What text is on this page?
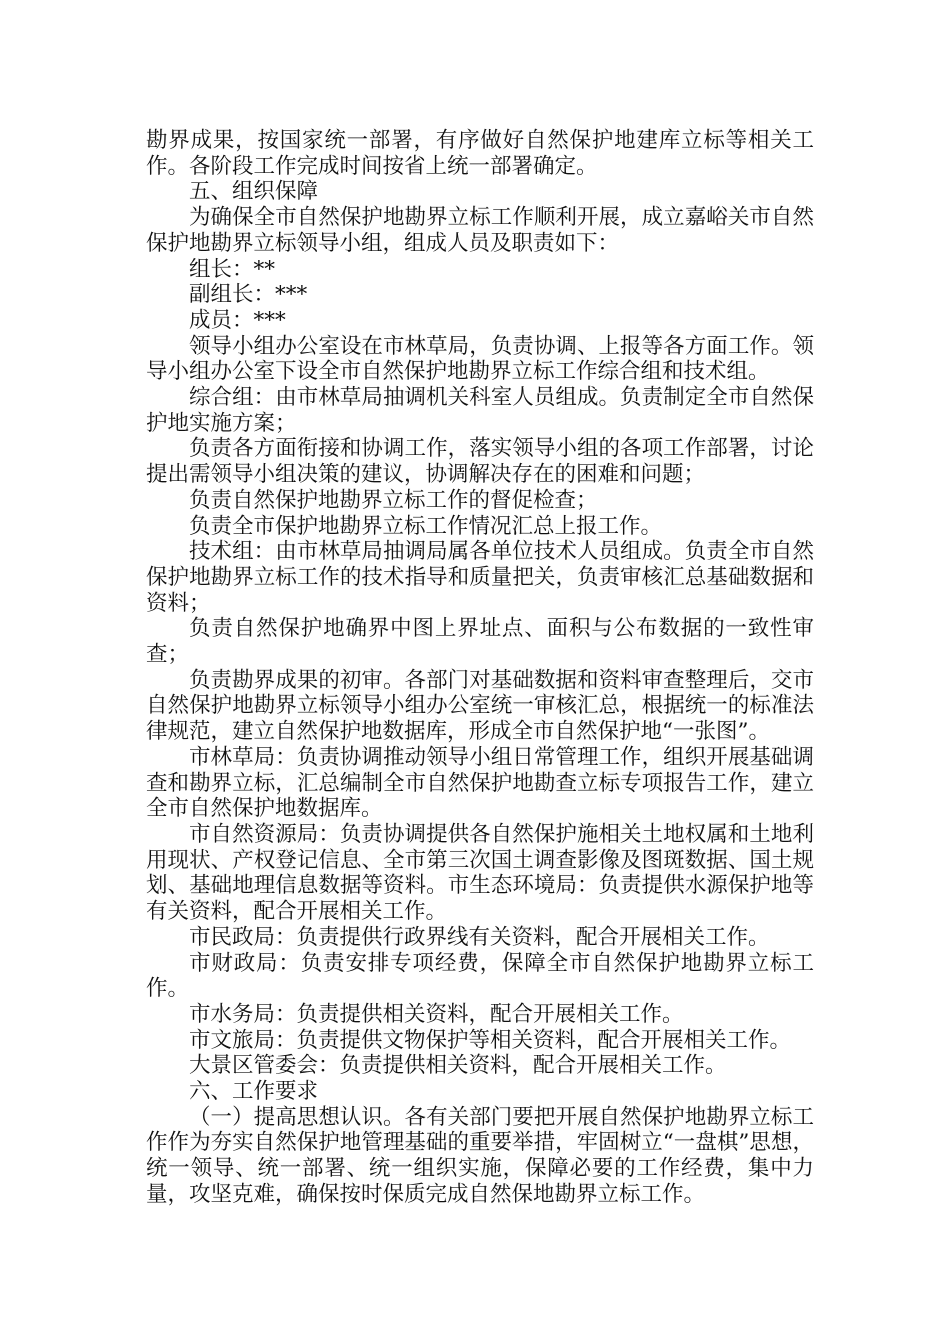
勘界成果，按国家统一部署，有序做好自然保护地建库立标等相关工作。各阶段工作完成时间按省上统一部署确定。

五、组织保障

为确保全市自然保护地勘界立标工作顺利开展，成立嘉峪关市自然保护地勘界立标领导小组，组成人员及职责如下：

组长：**

副组长：***

成员：***

领导小组办公室设在市林草局，负责协调、上报等各方面工作。领导小组办公室下设全市自然保护地勘界立标工作综合组和技术组。

综合组：由市林草局抽调机关科室人员组成。负责制定全市自然保护地实施方案；

负责各方面衔接和协调工作，落实领导小组的各项工作部署，讨论提出需领导小组决策的建议，协调解决存在的困难和问题；

负责自然保护地勘界立标工作的督促检查；

负责全市保护地勘界立标工作情况汇总上报工作。

技术组：由市林草局抽调局属各单位技术人员组成。负责全市自然保护地勘界立标工作的技术指导和质量把关，负责审核汇总基础数据和资料；

负责自然保护地确界中图上界址点、面积与公布数据的一致性审查；

负责勘界成果的初审。各部门对基础数据和资料审查整理后，交市自然保护地勘界立标领导小组办公室统一审核汇总，根据统一的标准法律规范，建立自然保护地数据库，形成全市自然保护地“一张图”。

市林草局：负责协调推动领导小组日常管理工作，组织开展基础调查和勘界立标，汇总编制全市自然保护地勘查立标专项报告工作，建立全市自然保护地数据库。

市自然资源局：负责协调提供各自然保护施相关土地权属和土地利用现状、产权登记信息、全市第三次国土调查影像及图斑数据、国土规划、基础地理信息数据等资料。市生态环境局：负责提供水源保护地等有关资料，配合开展相关工作。

市民政局：负责提供行政界线有关资料，配合开展相关工作。

市财政局：负责安排专项经费，保障全市自然保护地勘界立标工作。

市水务局：负责提供相关资料，配合开展相关工作。

市文旅局：负责提供文物保护等相关资料，配合开展相关工作。

大景区管委会：负责提供相关资料，配合开展相关工作。

六、工作要求

（一）提高思想认识。各有关部门要把开展自然保护地勘界立标工作作为夯实自然保护地管理基础的重要举措，牢固树立“一盘棋”思想，统一领导、统一部署、统一组织实施，保障必要的工作经费，集中力量，攻坚克难，确保按时保质完成自然保地勘界立标工作。
